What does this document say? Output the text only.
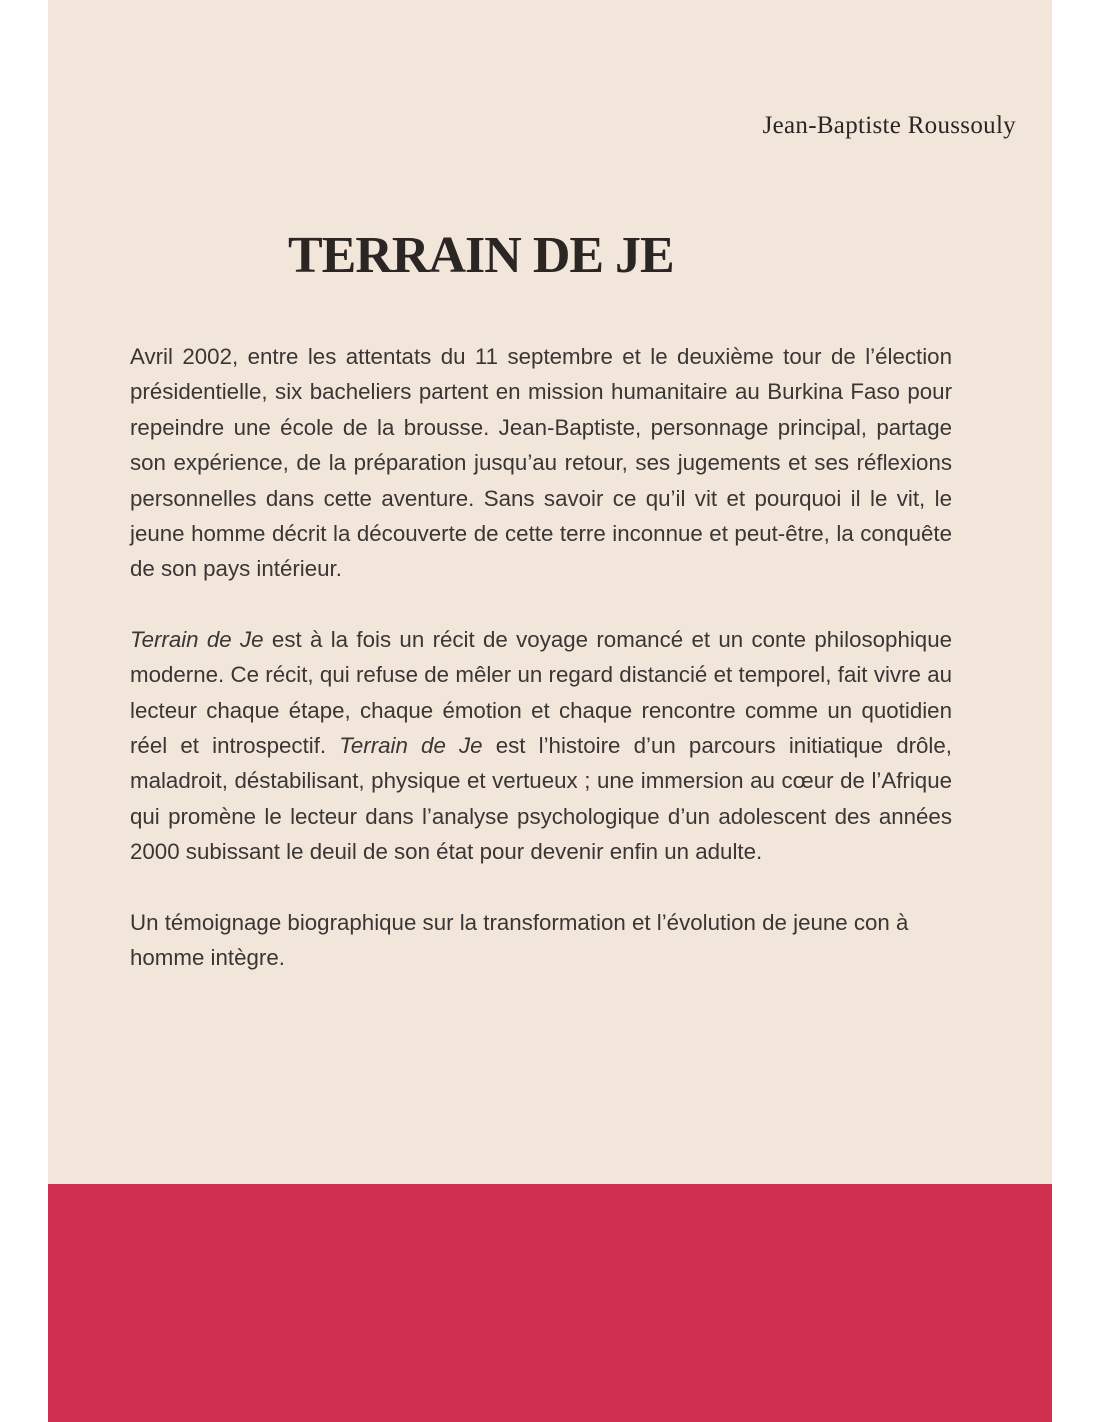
Jean-Baptiste Roussouly
TERRAIN DE JE

Avril 2002, entre les attentats du 11 septembre et le deuxième tour de l’élection présidentielle, six bacheliers partent en mission humanitaire au Burkina Faso pour repeindre une école de la brousse. Jean-Baptiste, personnage principal, partage son expérience, de la préparation jusqu’au retour, ses jugements et ses réflexions personnelles dans cette aventure. Sans savoir ce qu’il vit et pourquoi il le vit, le jeune homme décrit la découverte de cette terre inconnue et peut-être, la conquête de son pays intérieur.

Terrain de Je est à la fois un récit de voyage romancé et un conte philosophique moderne. Ce récit, qui refuse de mêler un regard distancié et temporel, fait vivre au lecteur chaque étape, chaque émotion et chaque rencontre comme un quotidien réel et introspectif. Terrain de Je est l’histoire d’un parcours initiatique drôle, maladroit, déstabilisant, physique et vertueux ; une immersion au cœur de l’Afrique qui promène le lecteur dans l’analyse psychologique d’un adolescent des années 2000 subissant le deuil de son état pour devenir enfin un adulte.

Un témoignage biographique sur la transformation et l’évolution de jeune con à homme intègre.
